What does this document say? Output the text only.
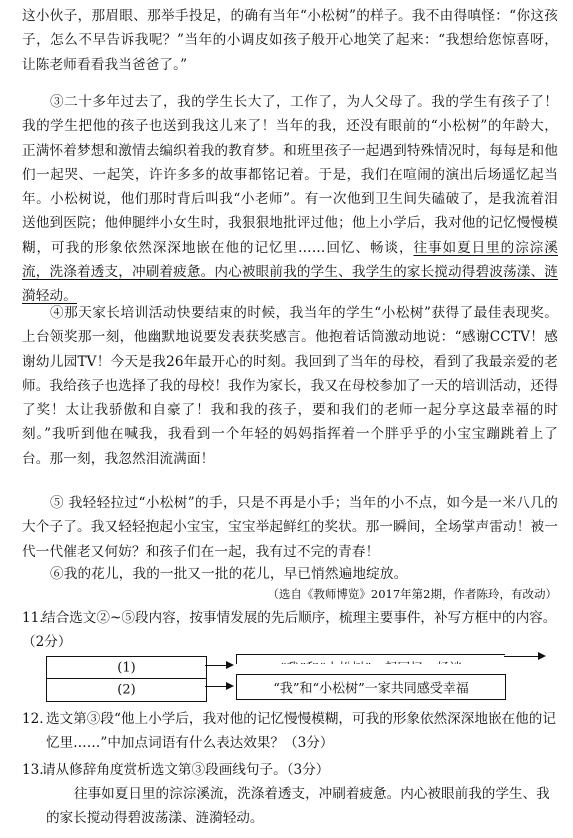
这小伙子，那眉眼、那举手投足，的确有当年“小松树”的样子。我不由得嗔怪：“你这孩子，怎么不早告诉我呢？”当年的小调皮如孩子般开心地笑了起来：“我想给您惊喜呀，让陈老师看看我当爸爸了。”

③二十多年过去了，我的学生长大了，工作了，为人父母了。我的学生有孩子了！我的学生把他的孩子也送到我这儿来了！当年的我，还没有眼前的“小松树”的年龄大，正满怀着梦想和激情去编织着我的教育梦。和班里孩子一起遇到特殊情况时，每每是和他们一起哭、一起笑，许许多多的故事都铭记着。于是，我们在喧闹的演出后场遥忆起当年。小松树说，他们那时背后叫我“小老师”。有一次他到卫生间失磕破了，是我流着泪送他到医院；他伸腿绊小女生时，我狠狠地批评过他；他上小学后，我对他的记忆慢慢模糊，可我的形象依然深深地嵌在他的记忆里……回忆、畅谈，往事如夏日里的淙淙溪流，洗涤着透支，冲刷着疲惫。内心被眼前我的学生、我学生的家长搅动得碧波荡漾、涟漪轻动。

④那天家长培训活动快要结束的时候，我当年的学生“小松树”获得了最佳表现奖。上台领奖那一刻，他幽默地说要发表获奖感言。他抱着话筒激动地说：“感谢CCTV！感谢幼儿园TV！今天是我26年最开心的时刻。我回到了当年的母校，看到了我最亲爱的老师。我给孩子也选择了我的母校！我作为家长，我又在母校参加了一天的培训活动，还得了奖！太让我骄傲和自豪了！我和我的孩子，要和我们的老师一起分享这最幸福的时刻。”我听到他在喊我，我看到一个年轻的妈妈指挥着一个胖乎乎的小宝宝蹦跳着上了台。那一刻，我忽然泪流满面！

⑤ 我轻轻拉过“小松树”的手，只是不再是小手；当年的小不点，如今是一米八几的大个子了。我又轻轻抱起小宝宝，宝宝举起鲜红的奖状。那一瞬间，全场掌声雷动！被一代一代催老又何妨？和孩子们在一起，我有过不完的青春！

⑥我的花儿，我的一批又一批的花儿，早已悄然遍地绽放。

（选自《教师博览》2017年第2期，作者陈玲，有改动）

11.结合选文②~⑤段内容，按事情发展的先后顺序，梳理主要事件，补写方框中的内容。（2分）

(1)
(2)	“我”和“小松树”一家共同感受幸福

12. 选文第③段“他上小学后，我对他的记忆慢慢模糊，可我的形象依然深深地嵌在他的记忆里……”中加点词语有什么表达效果？（3分）

13.请从修辞角度赏析选文第③段画线句子。（3分）

往事如夏日里的淙淙溪流，洗涤着透支，冲刷着疲惫。内心被眼前我的学生、我的家长搅动得碧波荡漾、涟漪轻动。
